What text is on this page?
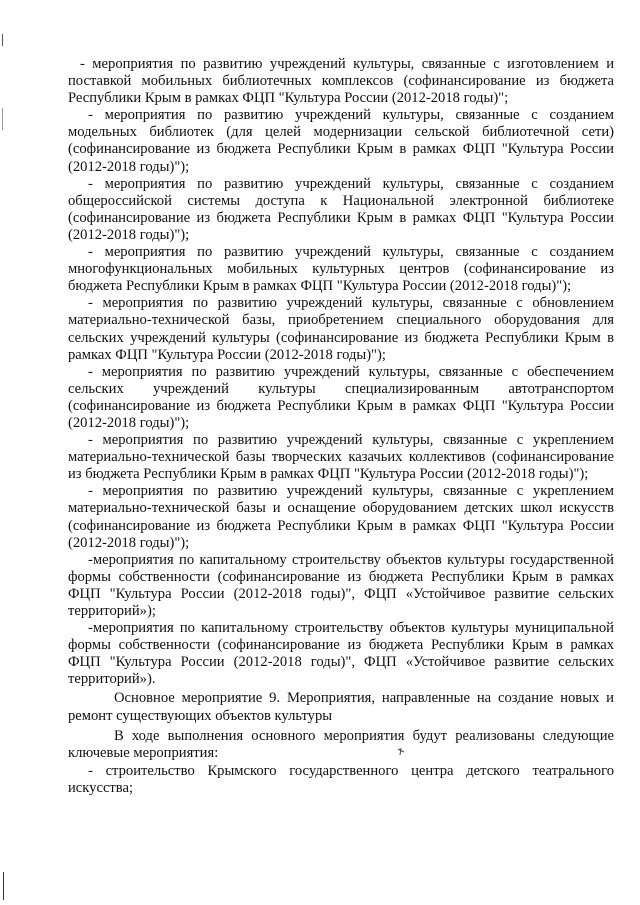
- мероприятия по развитию учреждений культуры, связанные с изготовлением и поставкой мобильных библиотечных комплексов (софинансирование из бюджета Республики Крым в рамках ФЦП "Культура России (2012-2018 годы)";

- мероприятия по развитию учреждений культуры, связанные с созданием модельных библиотек (для целей модернизации сельской библиотечной сети) (софинансирование из бюджета Республики Крым в рамках ФЦП "Культура России (2012-2018 годы)");

- мероприятия по развитию учреждений культуры, связанные с созданием общероссийской системы доступа к Национальной электронной библиотеке (софинансирование из бюджета Республики Крым в рамках ФЦП "Культура России (2012-2018 годы)");

- мероприятия по развитию учреждений культуры, связанные с созданием многофункциональных мобильных культурных центров (софинансирование из бюджета Республики Крым в рамках ФЦП "Культура России (2012-2018 годы)");

- мероприятия по развитию учреждений культуры, связанные с обновлением материально-технической базы, приобретением специального оборудования для сельских учреждений культуры (софинансирование из бюджета Республики Крым в рамках ФЦП "Культура России (2012-2018 годы)");

- мероприятия по развитию учреждений культуры, связанные с обеспечением сельских учреждений культуры специализированным автотранспортом (софинансирование из бюджета Республики Крым в рамках ФЦП "Культура России (2012-2018 годы)");

- мероприятия по развитию учреждений культуры, связанные с укреплением материально-технической базы творческих казачьих коллективов (софинансирование из бюджета Республики Крым в рамках ФЦП "Культура России (2012-2018 годы)");

- мероприятия по развитию учреждений культуры, связанные с укреплением материально-технической базы и оснащение оборудованием детских школ искусств (софинансирование из бюджета Республики Крым в рамках ФЦП "Культура России (2012-2018 годы)");

-мероприятия по капитальному строительству объектов культуры государственной формы собственности (софинансирование из бюджета Республики Крым в рамках ФЦП "Культура России (2012-2018 годы)", ФЦП «Устойчивое развитие сельских территорий»);

-мероприятия по капитальному строительству объектов культуры муниципальной формы собственности (софинансирование из бюджета Республики Крым в рамках ФЦП "Культура России (2012-2018 годы)", ФЦП «Устойчивое развитие сельских территорий»).

Основное мероприятие 9. Мероприятия, направленные на создание новых и ремонт существующих объектов культуры

В ходе выполнения основного мероприятия будут реализованы следующие ключевые мероприятия:

- строительство Крымского государственного центра детского театрального искусства;
